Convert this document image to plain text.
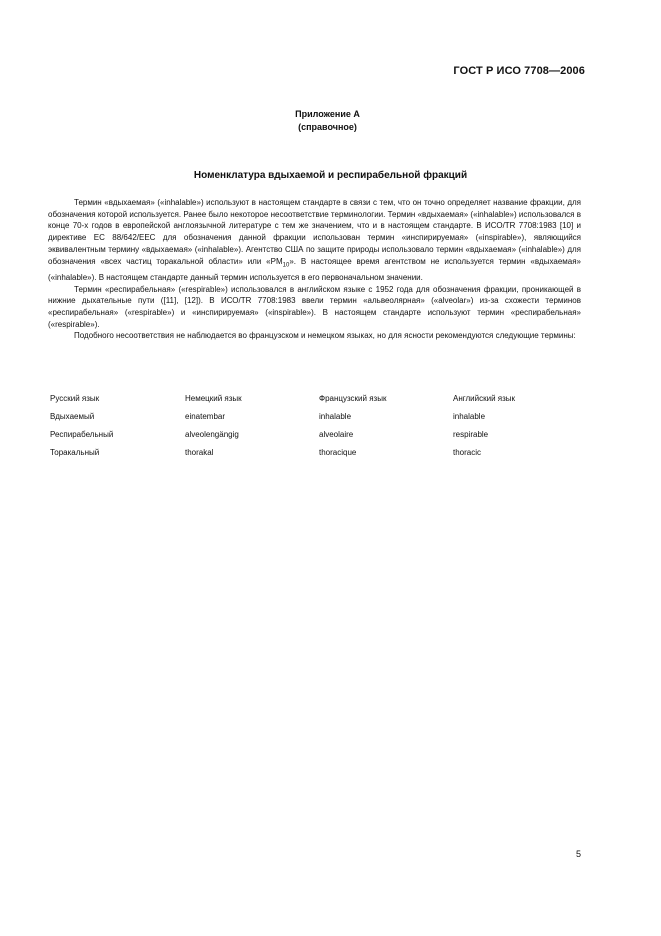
ГОСТ Р ИСО 7708—2006
Приложение А
(справочное)
Номенклатура вдыхаемой и респирабельной фракций

Термин «вдыхаемая» («inhalable») используют в настоящем стандарте в связи с тем, что он точно определяет название фракции, для обозначения которой используется. Ранее было некоторое несоответствие терминологии. Термин «вдыхаемая» («inhalable») использовался в конце 70-х годов в европейской англоязычной литературе с тем же значением, что и в настоящем стандарте. В ИСО/TR 7708:1983 [10] и директиве ЕС 88/642/ЕЕС для обозначения данной фракции использован термин «инспирируемая» («inspirable»), являющийся эквивалентным термину «вдыхаемая» («inhalable»). Агентство США по защите природы использовало термин «вдыхаемая» («inhalable») для обозначения «всех частиц торакальной области» или «$PM_{10}$». В настоящее время агентством не используется термин «вдыхаемая» («inhalable»). В настоящем стандарте данный термин используется в его первоначальном значении.

Термин «респирабельная» («respirable») использовался в английском языке с 1952 года для обозначения фракции, проникающей в нижние дыхательные пути ([11], [12]). В ИСО/TR 7708:1983 ввели термин «альвеолярная» («alveolar») из-за схожести терминов «респирабельная» («respirable») и «инспирируемая» («inspirable»). В настоящем стандарте используют термин «респирабельная» («respirable»).

Подобного несоответствия не наблюдается во французском и немецком языках, но для ясности рекомендуются следующие термины:

Русский язык	Немецкий язык	Французский язык	Английский язык
Вдыхаемый	einatembar	inhalable	inhalable
Респирабельный	alveolengängig	alveolaire	respirable
Торакальный	thorakal	thoracique	thoracic
5
